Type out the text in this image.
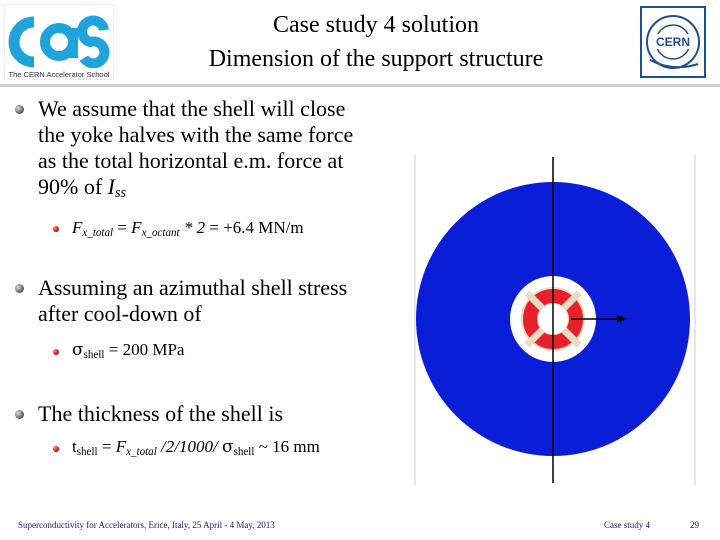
The CERN Accelerator School
Case study 4 solution
Dimension of the support structure
CERN
We assume that the shell will close
the yoke halves with the same force
as the total horizontal e.m. force at
90% of $I_{ss}$
$F_{x\_total} = F_{x\_octant} * 2 = +6.4$ MN/m
Assuming an azimuthal shell stress
after cool-down of
$\sigma_{shell} = 200$ MPa
The thickness of the shell is
$t_{shell} = F_{x\_total}$ /2/1000/ $\sigma_{shell}$ ~ 16 mm
Superconductivity for Accelerators, Erice, Italy, 25 April - 4 May, 2013	Case study 4	29
